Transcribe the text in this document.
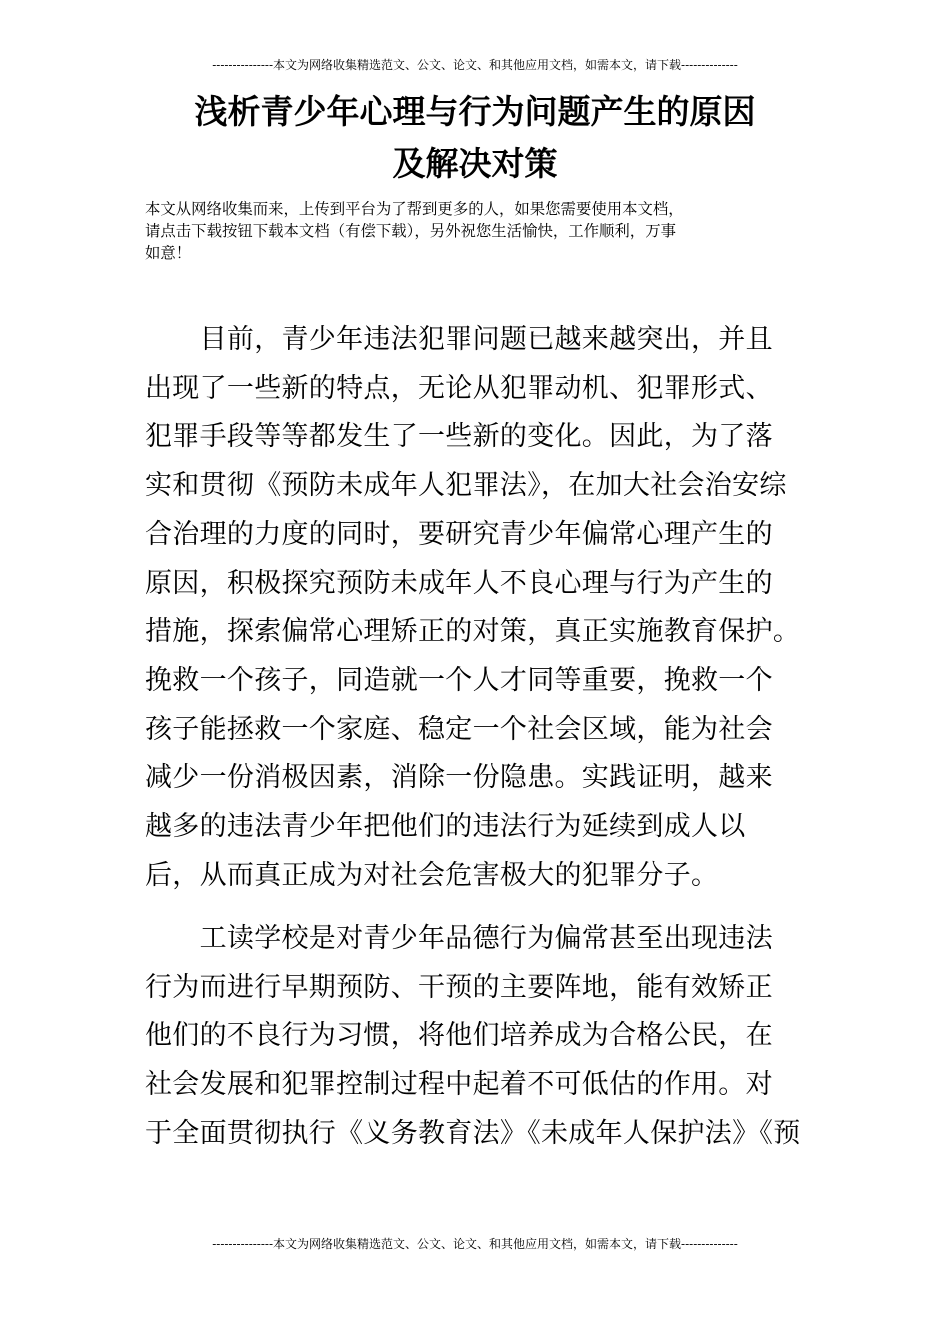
---------------本文为网络收集精选范文、公文、论文、和其他应用文档，如需本文，请下载--------------
浅析青少年心理与行为问题产生的原因
及解决对策
本文从网络收集而来，上传到平台为了帮到更多的人，如果您需要使用本文档，
请点击下载按钮下载本文档（有偿下载），另外祝您生活愉快，工作顺利，万事
如意！
　　目前，青少年违法犯罪问题已越来越突出，并且
出现了一些新的特点，无论从犯罪动机、犯罪形式、
犯罪手段等等都发生了一些新的变化。因此，为了落
实和贯彻《预防未成年人犯罪法》，在加大社会治安综
合治理的力度的同时，要研究青少年偏常心理产生的
原因，积极探究预防未成年人不良心理与行为产生的
措施，探索偏常心理矫正的对策，真正实施教育保护。
挽救一个孩子，同造就一个人才同等重要，挽救一个
孩子能拯救一个家庭、稳定一个社会区域，能为社会
减少一份消极因素，消除一份隐患。实践证明，越来
越多的违法青少年把他们的违法行为延续到成人以
后，从而真正成为对社会危害极大的犯罪分子。
　　工读学校是对青少年品德行为偏常甚至出现违法
行为而进行早期预防、干预的主要阵地，能有效矫正
他们的不良行为习惯，将他们培养成为合格公民，在
社会发展和犯罪控制过程中起着不可低估的作用。对
于全面贯彻执行《义务教育法》《未成年人保护法》《预
---------------本文为网络收集精选范文、公文、论文、和其他应用文档，如需本文，请下载--------------
